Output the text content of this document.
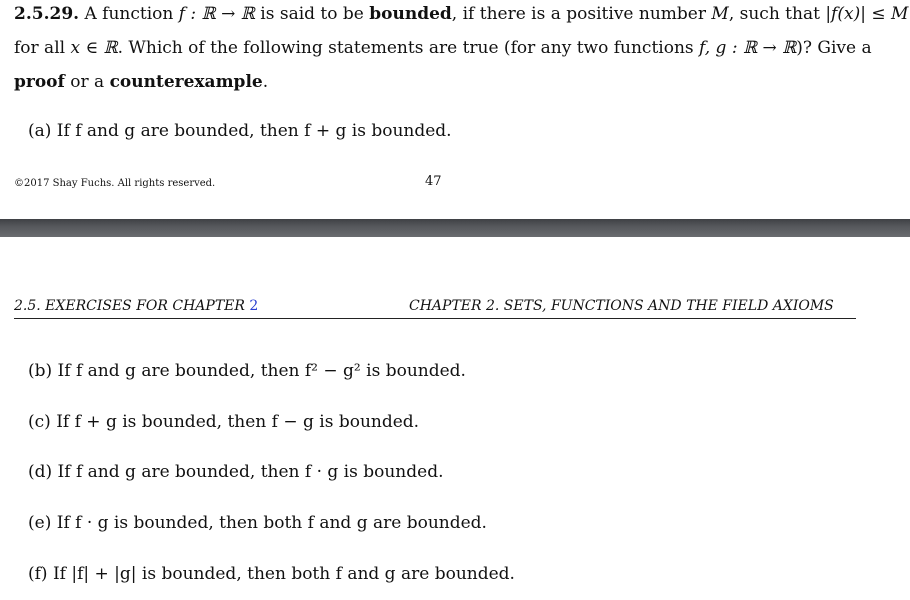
2.5.29. A function f : ℝ → ℝ is said to be bounded, if there is a positive number M, such that |f(x)| ≤ M
for all x ∈ ℝ. Which of the following statements are true (for any two functions f, g : ℝ → ℝ)? Give a
proof or a counterexample.
(a) If f and g are bounded, then f + g is bounded.
©2017 Shay Fuchs. All rights reserved.	47
2.5. EXERCISES FOR CHAPTER 2	CHAPTER 2. SETS, FUNCTIONS AND THE FIELD AXIOMS
(b) If f and g are bounded, then f² − g² is bounded.
(c) If f + g is bounded, then f − g is bounded.
(d) If f and g are bounded, then f · g is bounded.
(e) If f · g is bounded, then both f and g are bounded.
(f) If |f| + |g| is bounded, then both f and g are bounded.
